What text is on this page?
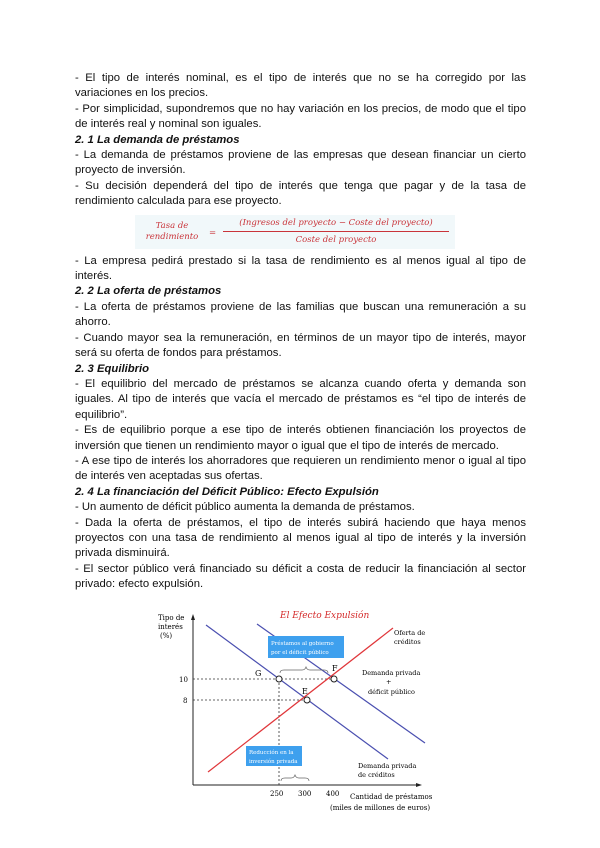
- El tipo de interés nominal, es el tipo de interés que no se ha corregido por las variaciones en los precios.

- Por simplicidad, supondremos que no hay variación en los precios, de modo que el tipo de interés real y nominal son iguales.

2. 1 La demanda de préstamos

- La demanda de préstamos proviene de las empresas que desean financiar un cierto proyecto de inversión.

- Su decisión dependerá del tipo de interés que tenga que pagar y de la tasa de rendimiento calculada para ese proyecto.

Tasa de rendimiento	=
(Ingresos del proyecto − Coste del proyecto)
Coste del proyecto

- La empresa pedirá prestado si la tasa de rendimiento es al menos igual al tipo de interés.

2. 2 La oferta de préstamos

- La oferta de préstamos proviene de las familias que buscan una remuneración a su ahorro.

- Cuando mayor sea la remuneración, en términos de un mayor tipo de interés, mayor será su oferta de fondos para préstamos.

2. 3 Equilibrio

- El equilibrio del mercado de préstamos se alcanza cuando oferta y demanda son iguales. Al tipo de interés que vacía el mercado de préstamos es “el tipo de interés de equilibrio”.

- Es de equilibrio porque a ese tipo de interés obtienen financiación los proyectos de inversión que tienen un rendimiento mayor o igual que el tipo de interés de mercado.

- A ese tipo de interés los ahorradores que requieren un rendimiento menor o igual al tipo de interés ven aceptadas sus ofertas.

2. 4 La financiación del Déficit Público: Efecto Expulsión

- Un aumento de déficit público aumenta la demanda de préstamos.

- Dada la oferta de préstamos, el tipo de interés subirá haciendo que haya menos proyectos con una tasa de rendimiento al menos igual al tipo de interés y la inversión privada disminuirá.

- El sector público verá financiado su déficit a costa de reducir la financiación al sector privado: efecto expulsión.

El Efecto Expulsión
Tipo de
interés
(%)
10
8
250 300 400 Cantidad de préstamos
(miles de millones de euros)
G
F
E
Préstamos al gobierno
por el déficit público
Reducción en la
inversión privada
Oferta de
créditos
Demanda privada
+
déficit público
Demanda privada
de créditos
